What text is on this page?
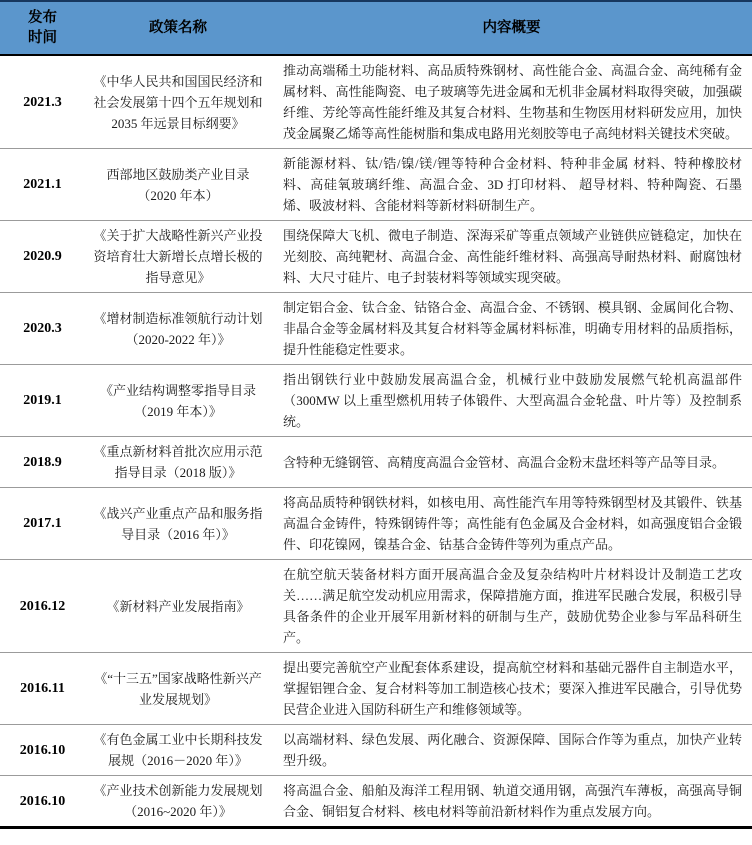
发布时间	政策名称	内容概要
2021.3	《中华人民共和国国民经济和社会发展第十四个五年规划和2035 年远景目标纲要》	推动高端稀土功能材料、高品质特殊钢材、高性能合金、高温合金、高纯稀有金属材料、高性能陶瓷、电子玻璃等先进金属和无机非金属材料取得突破，加强碳纤维、芳纶等高性能纤维及其复合材料、生物基和生物医用材料研发应用，加快茂金属聚乙烯等高性能树脂和集成电路用光刻胶等电子高纯材料关键技术突破。
2021.1	西部地区鼓励类产业目录（2020 年本）	新能源材料、钛/锆/镍/镁/锂等特种合金材料、特种非金属 材料、特种橡胶材料、高硅氧玻璃纤维、高温合金、3D 打印材料、 超导材料、特种陶瓷、石墨烯、吸波材料、含能材料等新材料研制生产。
2020.9	《关于扩大战略性新兴产业投资培育壮大新增长点增长极的指导意见》	围绕保障大飞机、微电子制造、深海采矿等重点领域产业链供应链稳定，加快在光刻胶、高纯靶材、高温合金、高性能纤维材料、高强高导耐热材料、耐腐蚀材料、大尺寸硅片、电子封装材料等领域实现突破。
2020.3	《增材制造标准领航行动计划（2020-2022 年）》	制定铝合金、钛合金、钴铬合金、高温合金、不锈钢、模具钢、金属间化合物、非晶合金等金属材料及其复合材料等金属材料标准，明确专用材料的品质指标，提升性能稳定性要求。
2019.1	《产业结构调整零指导目录（2019 年本）》	指出钢铁行业中鼓励发展高温合金，机械行业中鼓励发展燃气轮机高温部件（300MW 以上重型燃机用转子体锻件、大型高温合金轮盘、叶片等）及控制系统。
2018.9	《重点新材料首批次应用示范指导目录（2018 版）》	含特种无缝钢管、高精度高温合金管材、高温合金粉末盘坯料等产品等目录。
2017.1	《战兴产业重点产品和服务指导目录（2016 年）》	将高品质特种钢铁材料，如核电用、高性能汽车用等特殊钢型材及其锻件、铁基高温合金铸件，特殊钢铸件等；高性能有色金属及合金材料，如高强度铝合金锻件、印花镍网，镍基合金、钴基合金铸件等列为重点产品。
2016.12	《新材料产业发展指南》	在航空航天装备材料方面开展高温合金及复杂结构叶片材料设计及制造工艺攻关……满足航空发动机应用需求，保障措施方面，推进军民融合发展，积极引导具备条件的企业开展军用新材料的研制与生产，鼓励优势企业参与军品科研生产。
2016.11	《“十三五”国家战略性新兴产业发展规划》	提出要完善航空产业配套体系建设，提高航空材料和基础元器件自主制造水平，掌握铝锂合金、复合材料等加工制造核心技术；要深入推进军民融合，引导优势民营企业进入国防科研生产和维修领域等。
2016.10	《有色金属工业中长期科技发展规（2016－2020 年）》	以高端材料、绿色发展、两化融合、资源保障、国际合作等为重点，加快产业转型升级。
2016.10	《产业技术创新能力发展规划（2016~2020 年）》	将高温合金、船舶及海洋工程用钢、轨道交通用钢，高强汽车薄板，高强高导铜合金、铜铝复合材料、核电材料等前沿新材料作为重点发展方向。
